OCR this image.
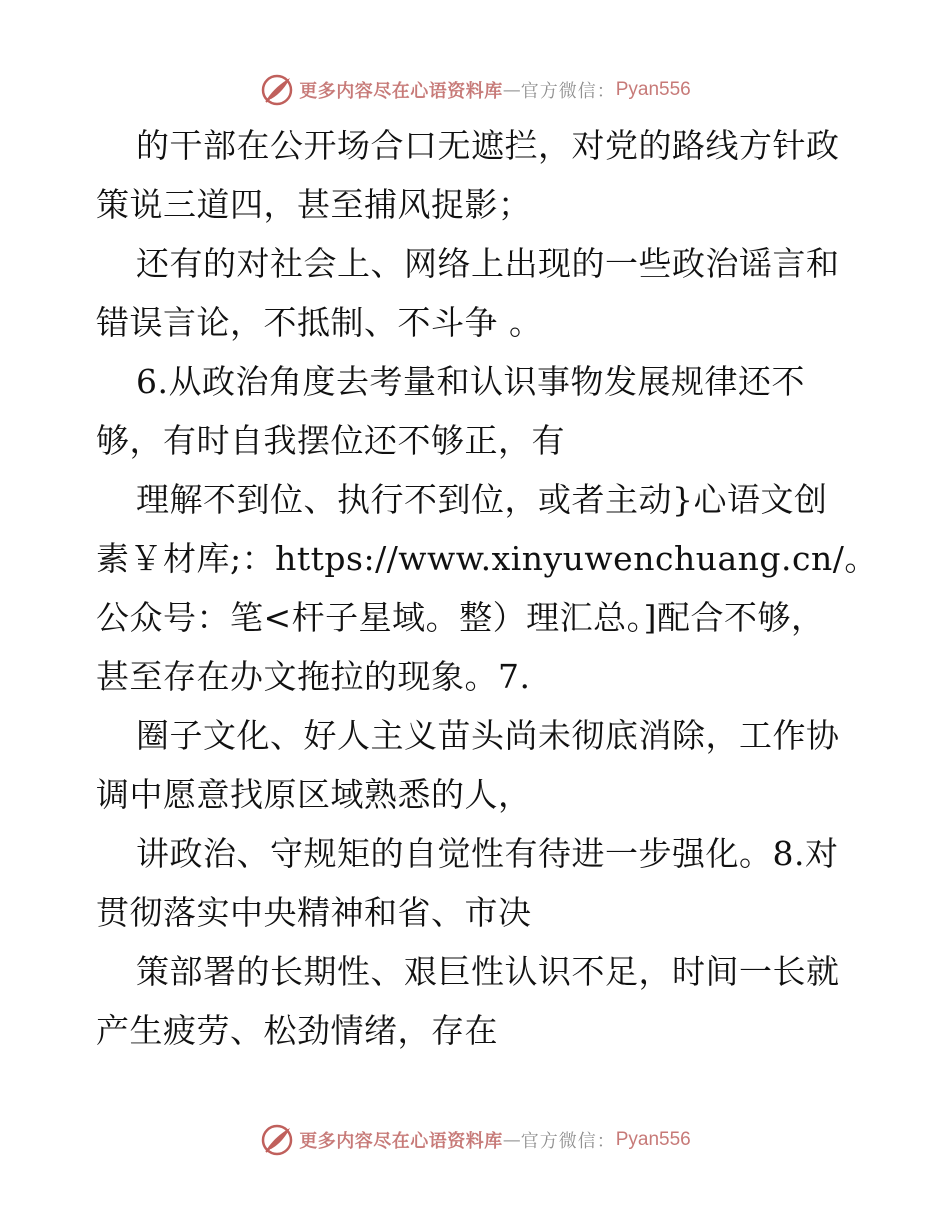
更多内容尽在心语资料库 — 官方微信： Pyan556
的干部在公开场合口无遮拦，对党的路线方针政
策说三道四，甚至捕风捉影；
还有的对社会上、网络上出现的一些政治谣言和
错误言论，不抵制、不斗争 。
6.从政治角度去考量和认识事物发展规律还不
够，有时自我摆位还不够正，有
理解不到位、执行不到位，或者主动}心语文创
素￥材库;：https://www.xinyuwenchuang.cn/。
公众号：笔<杆子星域。整）理汇总。]配合不够，
甚至存在办文拖拉的现象。7.
圈子文化、好人主义苗头尚未彻底消除，工作协
调中愿意找原区域熟悉的人，
讲政治、守规矩的自觉性有待进一步强化。8.对
贯彻落实中央精神和省、市决
策部署的长期性、艰巨性认识不足，时间一长就
产生疲劳、松劲情绪，存在
更多内容尽在心语资料库 — 官方微信： Pyan556
